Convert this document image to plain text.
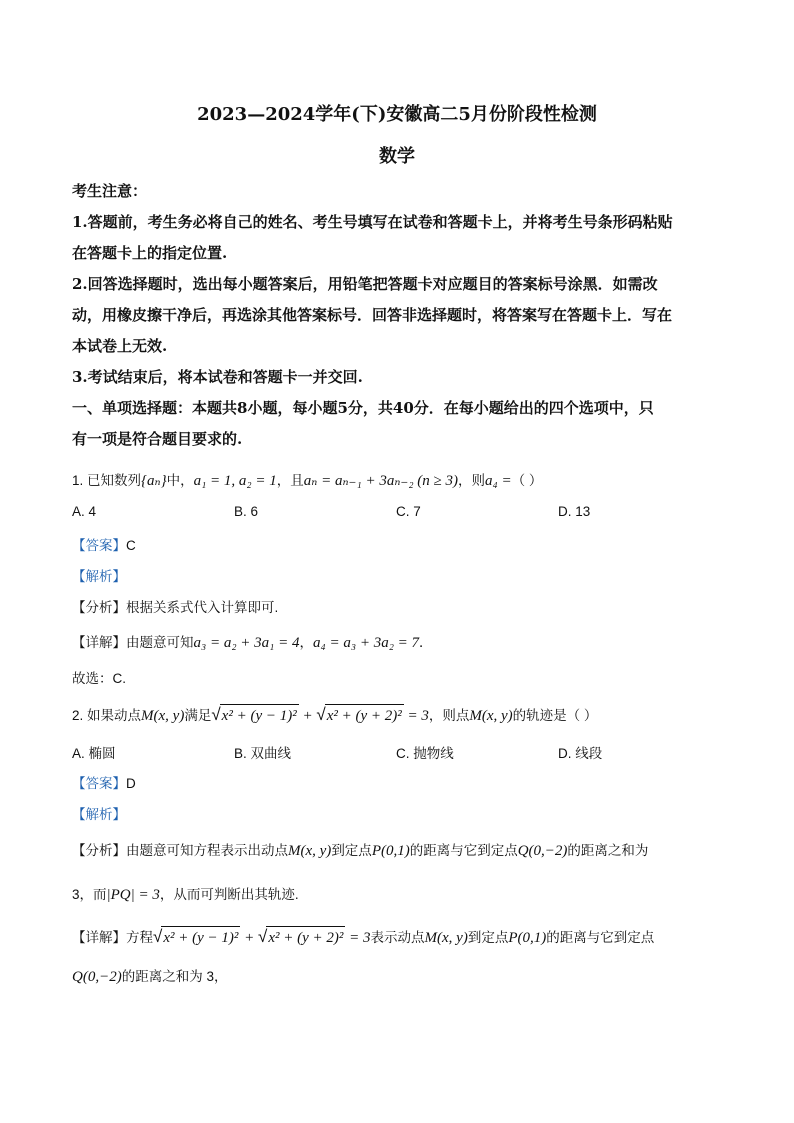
2023—2024学年(下)安徽高二5月份阶段性检测
数学
考生注意：
1.答题前，考生务必将自己的姓名、考生号填写在试卷和答题卡上，并将考生号条形码粘贴
在答题卡上的指定位置.
2.回答选择题时，选出每小题答案后，用铅笔把答题卡对应题目的答案标号涂黑．如需改
动，用橡皮擦干净后，再选涂其他答案标号．回答非选择题时，将答案写在答题卡上．写在
本试卷上无效.
3.考试结束后，将本试卷和答题卡一并交回.
一、单项选择题：本题共8小题，每小题5分，共40分．在每小题给出的四个选项中，只
有一项是符合题目要求的.
1. 已知数列{aₙ}中，a₁ = 1, a₂ = 1，且aₙ = aₙ₋₁ + 3aₙ₋₂ (n ≥ 3)，则a₄ =（ ）
A. 4	B. 6	C. 7	D. 13
【答案】C
【解析】
【分析】根据关系式代入计算即可.
【详解】由题意可知a₃ = a₂ + 3a₁ = 4，a₄ = a₃ + 3a₂ = 7．
故选：C.
2. 如果动点M(x, y)满足√x² + (y − 1)² + √x² + (y + 2)² = 3，则点M(x, y)的轨迹是（ ）
A. 椭圆	B. 双曲线	C. 抛物线	D. 线段
【答案】D
【解析】
【分析】由题意可知方程表示出动点M(x, y)到定点P(0,1)的距离与它到定点Q(0,−2)的距离之和为
3，而|PQ| = 3，从而可判断出其轨迹.
【详解】方程√x² + (y − 1)² + √x² + (y + 2)² = 3表示动点M(x, y)到定点P(0,1)的距离与它到定点
Q(0,−2)的距离之和为 3，
